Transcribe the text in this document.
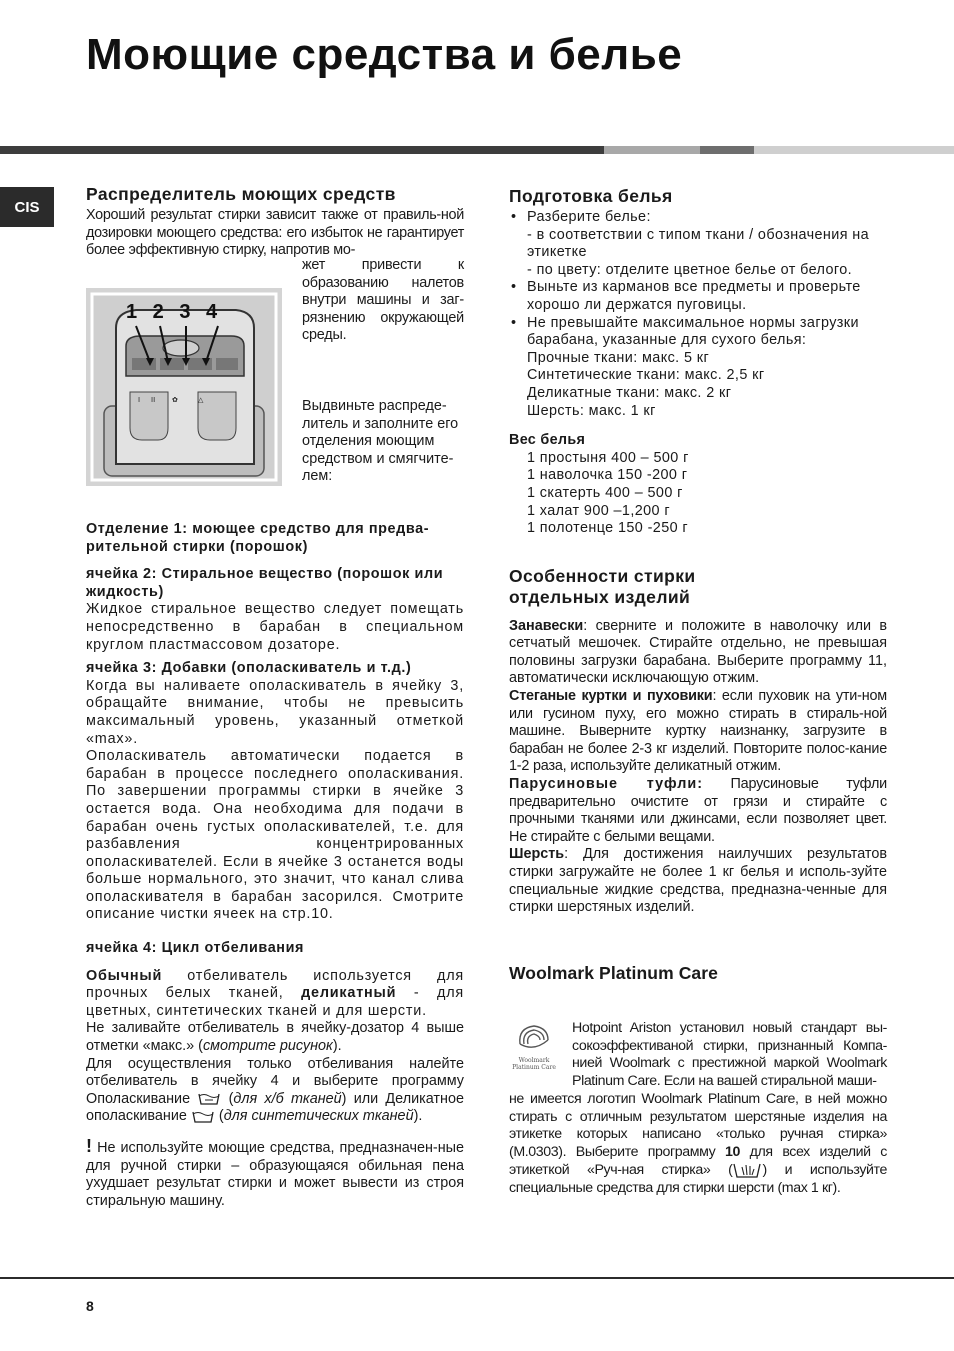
Моющие средства и белье
CIS
Распределитель моющих средств

Хороший результат стирки зависит также от правиль-ной дозировки моющего средства: его избыток не гарантирует более эффективную стирку, напротив мо-

I II ✿	△
1 2 3 4
жет привести к образованию налетов внутри машины и заг-рязнению окружающей среды.
Выдвиньте распреде-литель и заполните его отделения моющим средством и смягчите-лем:
Отделение 1: моющее средство для предва-рительной стирки (порошок)
ячейка 2: Стиральное вещество (порошок или жидкость)

Жидкое стиральное вещество следует помещать непосредственно в барабан в специальном круглом пластмассовом дозаторе.

ячейка 3: Добавки (ополаскиватель и т.д.)

Когда вы наливаете ополаскиватель в ячейку 3, обращайте внимание, чтобы не превысить максимальный уровень, указанный отметкой «max».

Ополаскиватель автоматически подается в барабан в процессе последнего ополаскивания. По завершении программы стирки в ячейке 3 остается вода. Она необходима для подачи в барабан очень густых ополаскивателей, т.е. для разбавления концентрированных ополаскивателей. Если в ячейке 3 останется воды больше нормального, это значит, что канал слива ополаскивателя в барабан засорился. Смотрите описание чистки ячеек на стр.10.

ячейка 4: Цикл отбеливания

Обычный отбеливатель используется для прочных белых тканей, деликатный - для цветных, синтетических тканей и для шерсти.

Не заливайте отбеливатель в ячейку-дозатор 4 выше отметки «макс.» (смотрите рисунок).

Для осуществления только отбеливания налейте отбеливатель в ячейку 4 и выберите программу Ополаскивание  (для х/б тканей) или Деликатное ополаскивание  (для синтетических тканей).

! Не используйте моющие средства, предназначен-ные для ручной стирки – образующаяся обильная пена ухудшает результат стирки и может вывести из строя стиральную машину.

Подготовка белья
• Разберите белье:
- в соответствии с типом ткани / обозначения на этикетке
- по цвету: отделите цветное белье от белого.
• Выньте из карманов все предметы и проверьте хорошо ли держатся пуговицы.
• Не превышайте максимальное нормы загрузки барабана, указанные для сухого белья:
Прочные ткани: макс. 5 кг
Синтетические ткани: макс. 2,5 кг
Деликатные ткани: макс. 2 кг
Шерсть: макс. 1 кг
Вес белья
1 простыня 400 – 500 г
1 наволочка 150 -200 г
1 скатерть 400 – 500 г
1 халат 900 –1,200 г
1 полотенце 150 -250 г
Особенности стирки
отдельных изделий

Занавески: сверните и положите в наволочку или в сетчатый мешочек. Стирайте отдельно, не превышая половины загрузки барабана. Выберите программу 11, автоматически исключающую отжим.

Стеганые куртки и пуховики: если пуховик на ути-ном или гусином пуху, его можно стирать в стираль-ной машине. Выверните куртку наизнанку, загрузите в барабан не более 2-3 кг изделий. Повторите полос-кание 1-2 раза, используйте деликатный отжим.

Парусиновые туфли: Парусиновые туфли предварительно очистите от грязи и стирайте с прочными тканями или джинсами, если позволяет цвет. Не стирайте с белыми вещами.

Шерсть: Для достижения наилучших результатов стирки загружайте не более 1 кг белья и исполь-зуйте специальные жидкие средства, предназна-ченные для стирки шерстяных изделий.

Woolmark Platinum Care
Woolmark Platinum Care
Hotpoint Ariston установил новый стандарт вы-сокоэффективаной стирки, признанный Компа-нией Woolmark с престижной маркой Woolmark Platinum Care. Если на вашей стиральной маши-
не имеется логотип Woolmark Platinum Care, в ней можно стирать с отличным результатом шерстяные изделия на этикетке которых написано «только ручная стирка» (М.0303). Выберите программу 10 для всех изделий с этикеткой «Руч-ная стирка» ( ) и используйте специальные средства для стирки шерсти (max 1 кг).
8
